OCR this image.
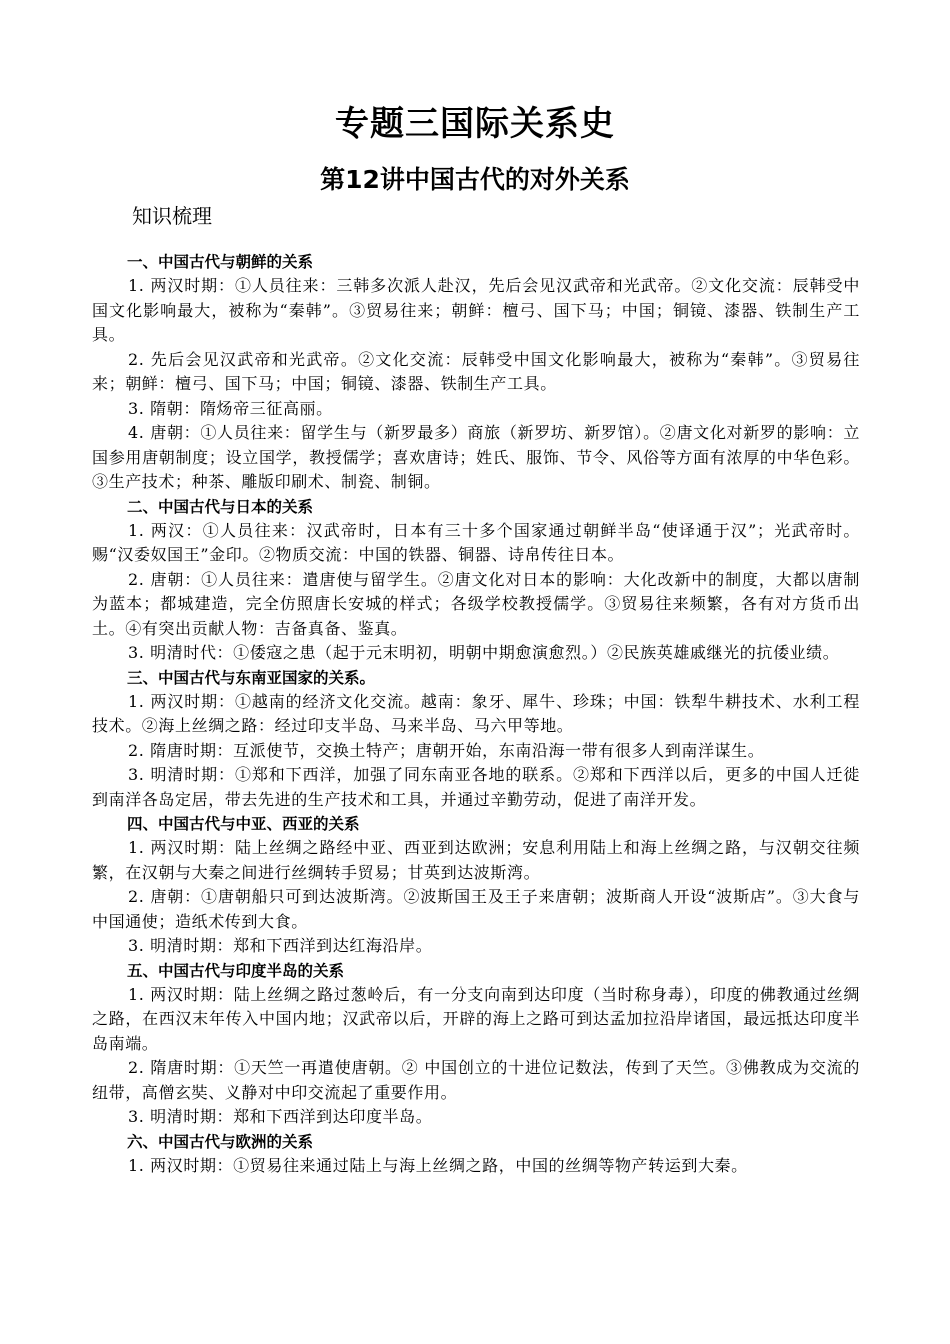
专题三国际关系史
第12讲中国古代的对外关系
知识梳理
一、中国古代与朝鲜的关系
1. 两汉时期：①人员往来：三韩多次派人赴汉，先后会见汉武帝和光武帝。②文化交流：辰韩受中国文化影响最大，被称为“秦韩”。③贸易往来；朝鲜：檀弓、国下马；中国；铜镜、漆器、铁制生产工具。
2. 先后会见汉武帝和光武帝。②文化交流：辰韩受中国文化影响最大，被称为“秦韩”。③贸易往来；朝鲜：檀弓、国下马；中国；铜镜、漆器、铁制生产工具。
3. 隋朝：隋炀帝三征高丽。
4. 唐朝：①人员往来：留学生与（新罗最多）商旅（新罗坊、新罗馆）。②唐文化对新罗的影响：立国参用唐朝制度；设立国学，教授儒学；喜欢唐诗；姓氏、服饰、节令、风俗等方面有浓厚的中华色彩。③生产技术；种茶、雕版印刷术、制瓷、制铜。
二、中国古代与日本的关系
1. 两汉：①人员往来：汉武帝时，日本有三十多个国家通过朝鲜半岛“使译通于汉”；光武帝时。赐“汉委奴国王”金印。②物质交流：中国的铁器、铜器、诗帛传往日本。
2. 唐朝：①人员往来：遣唐使与留学生。②唐文化对日本的影响：大化改新中的制度，大都以唐制为蓝本；都城建造，完全仿照唐长安城的样式；各级学校教授儒学。③贸易往来频繁，各有对方货币出土。④有突出贡献人物：吉备真备、鉴真。
3. 明清时代：①倭寇之患（起于元末明初，明朝中期愈演愈烈。）②民族英雄戚继光的抗倭业绩。
三、中国古代与东南亚国家的关系。
1. 两汉时期：①越南的经济文化交流。越南：象牙、犀牛、珍珠；中国：铁犁牛耕技术、水利工程技术。②海上丝绸之路：经过印支半岛、马来半岛、马六甲等地。
2. 隋唐时期：互派使节，交换土特产；唐朝开始，东南沿海一带有很多人到南洋谋生。
3. 明清时期：①郑和下西洋，加强了同东南亚各地的联系。②郑和下西洋以后，更多的中国人迁徙到南洋各岛定居，带去先进的生产技术和工具，并通过辛勤劳动，促进了南洋开发。
四、中国古代与中亚、西亚的关系
1. 两汉时期：陆上丝绸之路经中亚、西亚到达欧洲；安息利用陆上和海上丝绸之路，与汉朝交往频繁，在汉朝与大秦之间进行丝绸转手贸易；甘英到达波斯湾。
2. 唐朝：①唐朝船只可到达波斯湾。②波斯国王及王子来唐朝；波斯商人开设“波斯店”。③大食与中国通使；造纸术传到大食。
3. 明清时期：郑和下西洋到达红海沿岸。
五、中国古代与印度半岛的关系
1. 两汉时期：陆上丝绸之路过葱岭后，有一分支向南到达印度（当时称身毒），印度的佛教通过丝绸之路，在西汉末年传入中国内地；汉武帝以后，开辟的海上之路可到达孟加拉沿岸诸国，最远抵达印度半岛南端。
2. 隋唐时期：①天竺一再遣使唐朝。② 中国创立的十进位记数法，传到了天竺。③佛教成为交流的纽带，高僧玄奘、义静对中印交流起了重要作用。
3. 明清时期：郑和下西洋到达印度半岛。
六、中国古代与欧洲的关系
1. 两汉时期：①贸易往来通过陆上与海上丝绸之路，中国的丝绸等物产转运到大秦。
